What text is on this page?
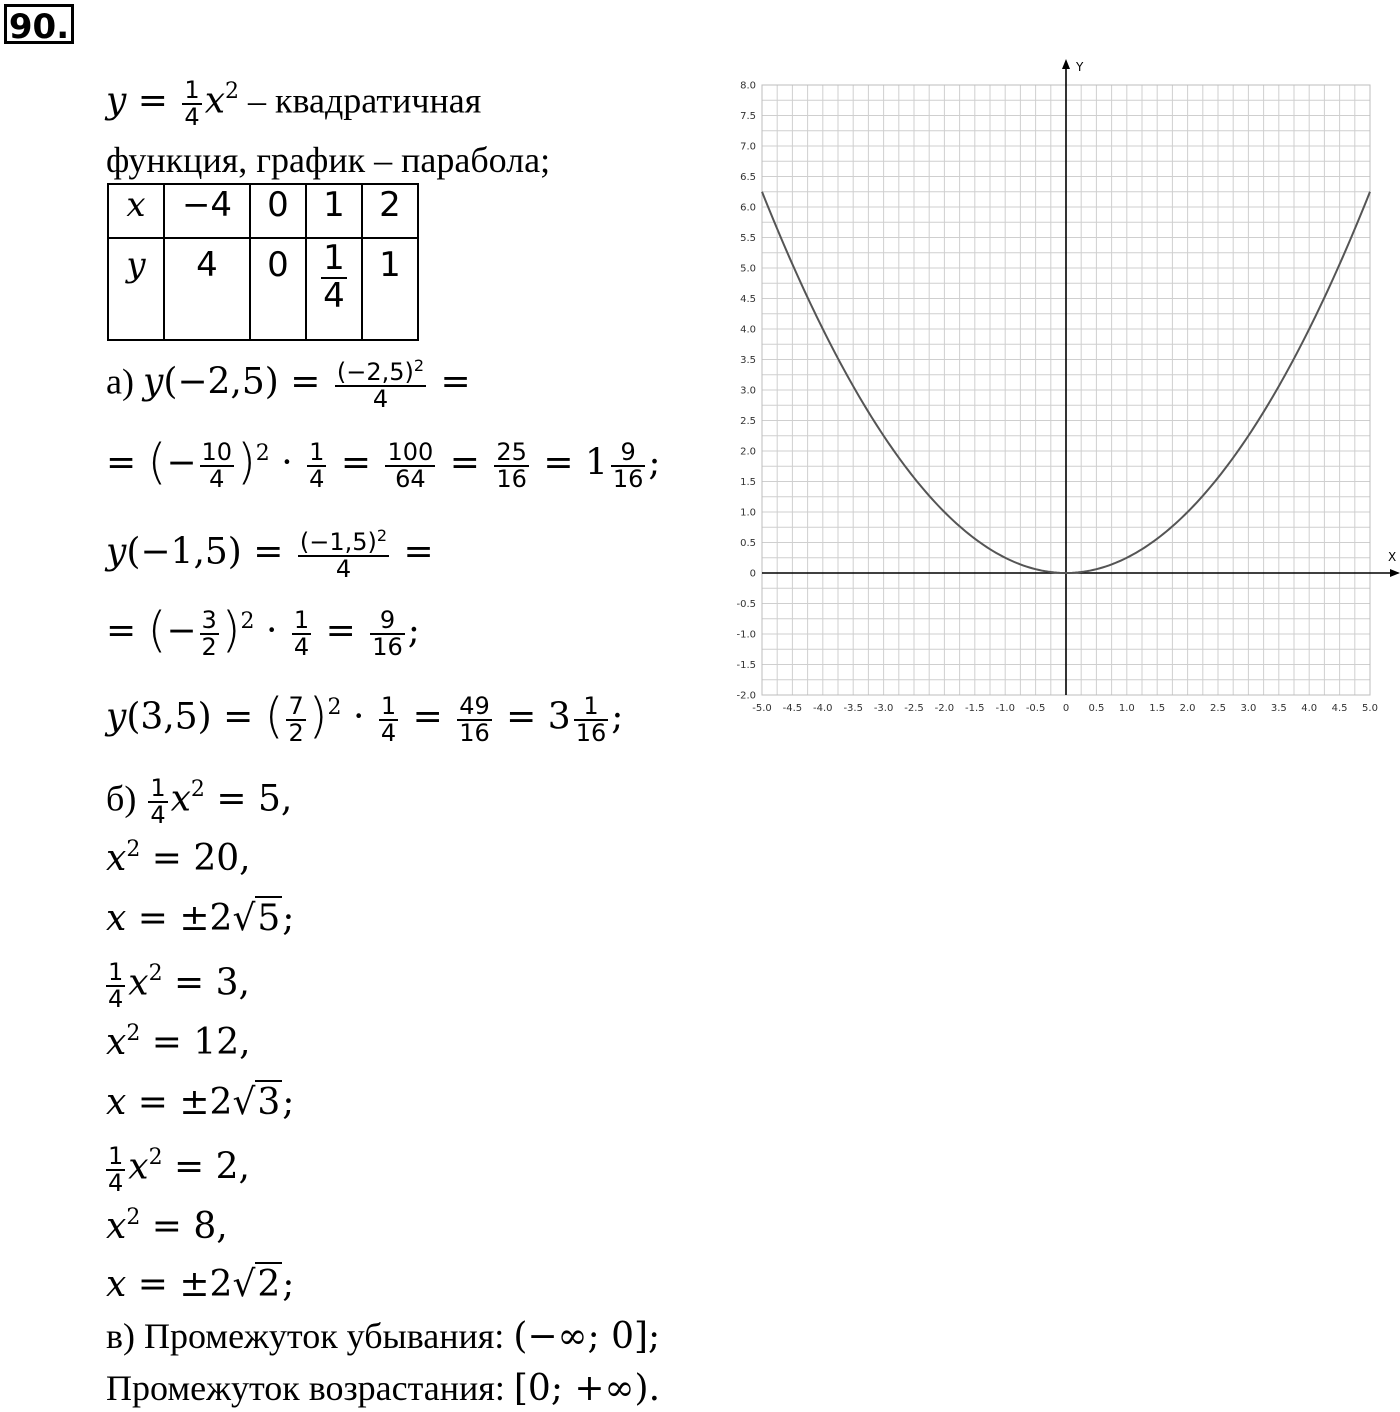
90.
$y = \frac{1}{4} x^2$ – квадратичная
функция, график – парабола;
x	−4	0	1	2
y	4	0	$\frac{1}{4}$	1
а) $y(-2,5) = \frac{(-2,5)^2}{4}$ =
= (− $\frac{10}{4} )^2 \cdot \frac{1}{4} = \frac{100}{64} = \frac{25}{16} = 1 \frac{9}{16}$ ;
$y(-1,5) = \frac{(-1,5)^2}{4}$ =
= (− $\frac{3}{2} )^2 \cdot \frac{1}{4} = \frac{9}{16}$ ;
y(3,5) = ( $\frac{7}{2} )^2 \cdot \frac{1}{4} = \frac{49}{16} = 3 \frac{1}{16}$ ;
$б) \frac{1}{4} x^2 = 5$,
$x^2 = 20$,
x = ±2√5;
$\frac{1}{4} x^2 = 3$,
$x^2 = 12$,
x = ±2√3;
$\frac{1}{4} x^2 = 2$,
$x^2 = 8$,
x = ±2√2;
в) Промежуток убывания: (−∞; 0];
Промежуток возрастания: [0; +∞).
-5.0 -4.5 -4.0 -3.5 -3.0 -2.5 -2.0 -1.5 -1.0 -0.5 0 0.5 1.0 1.5 2.0 2.5 3.0 3.5 4.0 4.5 5.0
-2.0
-1.5
-1.0
-0.5
0
0.5
1.0
1.5
2.0
2.5
3.0
3.5
4.0
4.5
5.0
5.5
6.0
6.5
7.0
7.5
8.0
X
Y
